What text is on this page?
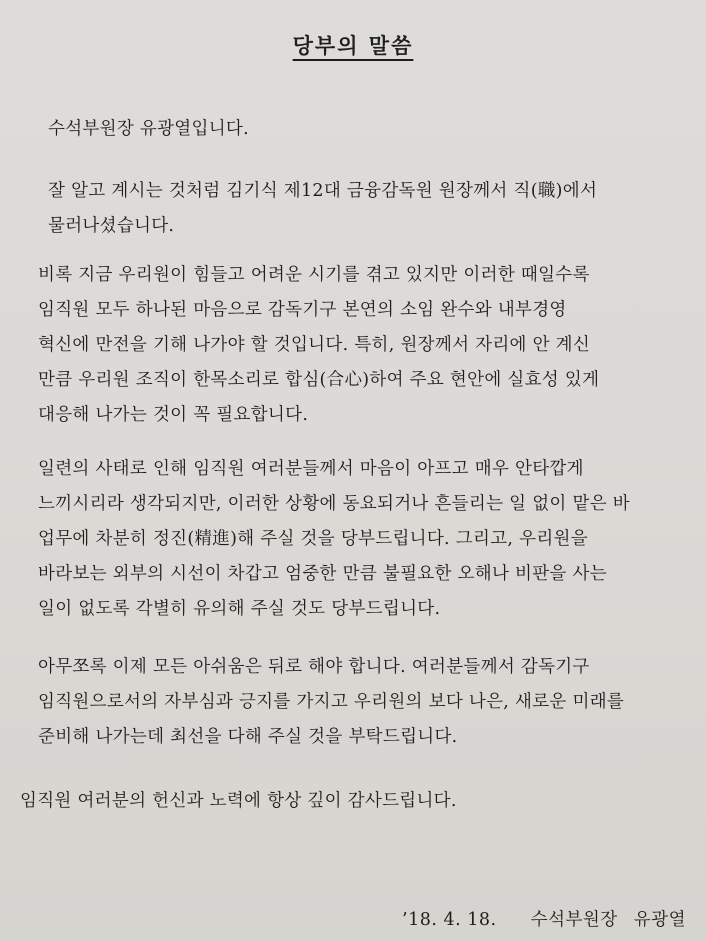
당부의 말씀

수석부원장 유광열입니다.

잘 알고 계시는 것처럼 김기식 제12대 금융감독원 원장께서 직(職)에서
물러나셨습니다.

비록 지금 우리원이 힘들고 어려운 시기를 겪고 있지만 이러한 때일수록
임직원 모두 하나된 마음으로 감독기구 본연의 소임 완수와 내부경영
혁신에 만전을 기해 나가야 할 것입니다. 특히, 원장께서 자리에 안 계신
만큼 우리원 조직이 한목소리로 합심(合心)하여 주요 현안에 실효성 있게
대응해 나가는 것이 꼭 필요합니다.

일련의 사태로 인해 임직원 여러분들께서 마음이 아프고 매우 안타깝게
느끼시리라 생각되지만, 이러한 상황에 동요되거나 흔들리는 일 없이 맡은 바
업무에 차분히 정진(精進)해 주실 것을 당부드립니다. 그리고, 우리원을
바라보는 외부의 시선이 차갑고 엄중한 만큼 불필요한 오해나 비판을 사는
일이 없도록 각별히 유의해 주실 것도 당부드립니다.

아무쪼록 이제 모든 아쉬움은 뒤로 해야 합니다. 여러분들께서 감독기구
임직원으로서의 자부심과 긍지를 가지고 우리원의 보다 나은, 새로운 미래를
준비해 나가는데 최선을 다해 주실 것을 부탁드립니다.

임직원 여러분의 헌신과 노력에 항상 깊이 감사드립니다.

’18. 4. 18. 수석부원장 유광열
